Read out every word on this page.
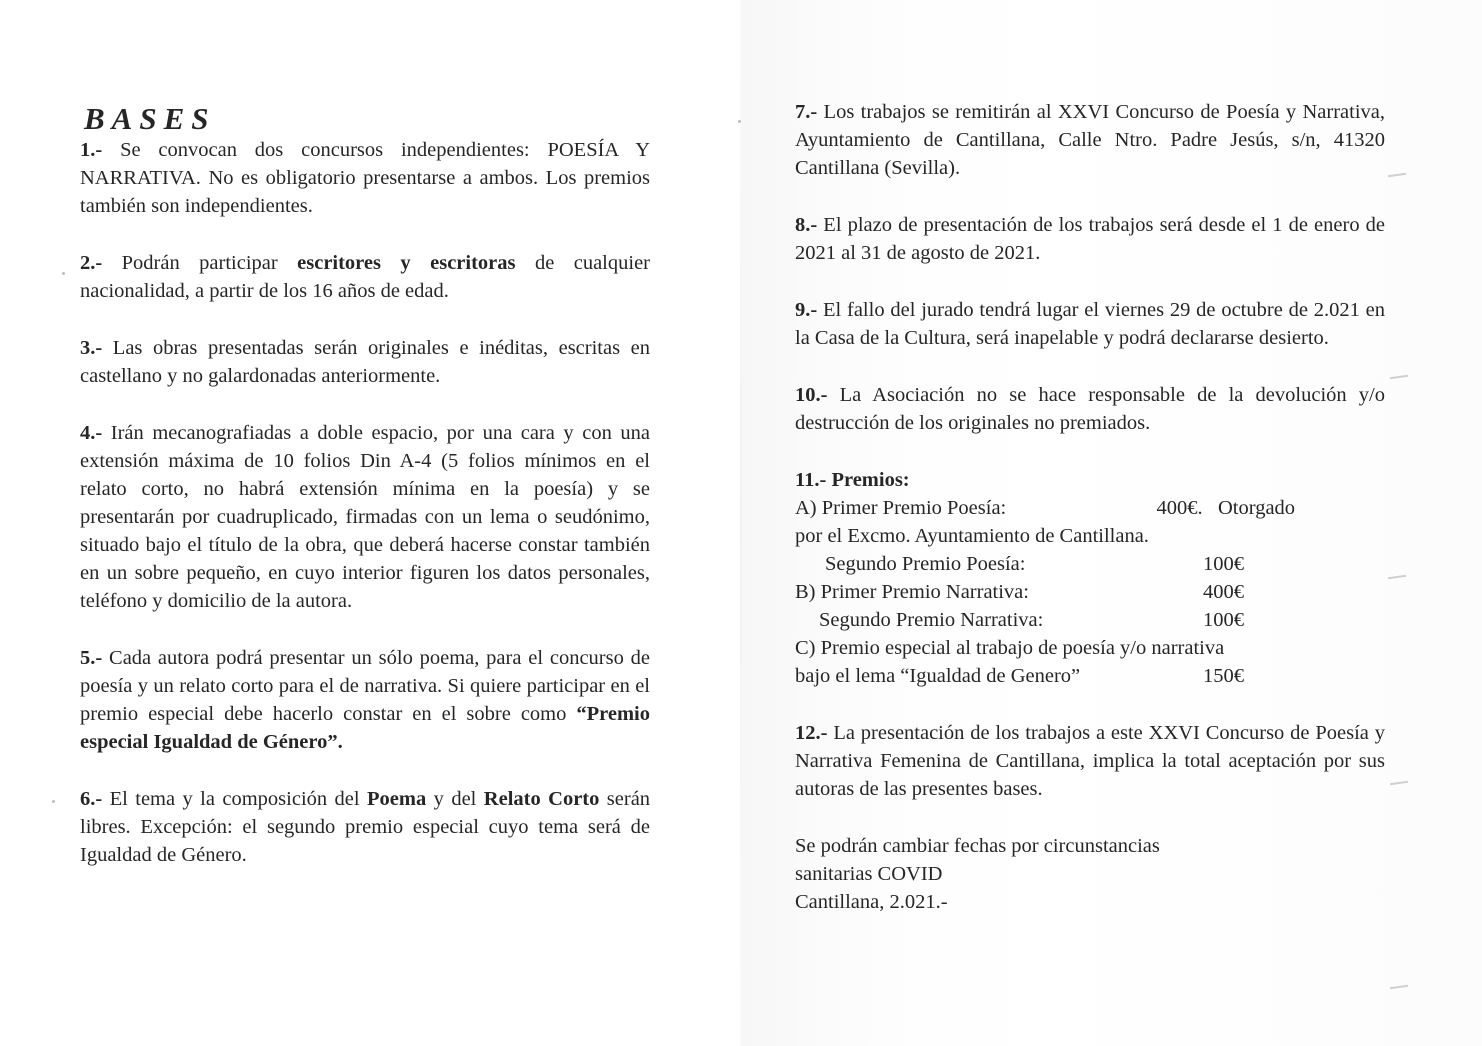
BASES

1.- Se convocan dos concursos independientes: POESÍA Y NARRATIVA. No es obligatorio presentarse a ambos. Los premios también son independientes.

2.- Podrán participar escritores y escritoras de cualquier nacionalidad, a partir de los 16 años de edad.

3.- Las obras presentadas serán originales e inéditas, escritas en castellano y no galardonadas anteriormente.

4.- Irán mecanografiadas a doble espacio, por una cara y con una extensión máxima de 10 folios Din A-4 (5 folios mínimos en el relato corto, no habrá extensión mínima en la poesía) y se presentarán por cuadruplicado, firmadas con un lema o seudónimo, situado bajo el título de la obra, que deberá hacerse constar también en un sobre pequeño, en cuyo interior figuren los datos personales, teléfono y domicilio de la autora.

5.- Cada autora podrá presentar un sólo poema, para el concurso de poesía y un relato corto para el de narrativa. Si quiere participar en el premio especial debe hacerlo constar en el sobre como “Premio especial Igualdad de Género”.

6.- El tema y la composición del Poema y del Relato Corto serán libres. Excepción: el segundo premio especial cuyo tema será de Igualdad de Género.

7.- Los trabajos se remitirán al XXVI Concurso de Poesía y Narrativa, Ayuntamiento de Cantillana, Calle Ntro. Padre Jesús, s/n, 41320 Cantillana (Sevilla).

8.- El plazo de presentación de los trabajos será desde el 1 de enero de 2021 al 31 de agosto de 2021.

9.- El fallo del jurado tendrá lugar el viernes 29 de octubre de 2.021 en la Casa de la Cultura, será inapelable y podrá declararse desierto.

10.- La Asociación no se hace responsable de la devolución y/o destrucción de los originales no premiados.

11.- Premios:
A) Primer Premio Poesía:	400€. Otorgado
por el Excmo. Ayuntamiento de Cantillana.
Segundo Premio Poesía:	100€
B) Primer Premio Narrativa:	400€
Segundo Premio Narrativa:	100€
C) Premio especial al trabajo de poesía y/o narrativa
bajo el lema “Igualdad de Genero”	150€

12.- La presentación de los trabajos a este XXVI Concurso de Poesía y Narrativa Femenina de Cantillana, implica la total aceptación por sus autoras de las presentes bases.

Se podrán cambiar fechas por circunstancias

sanitarias COVID

Cantillana, 2.021.-
